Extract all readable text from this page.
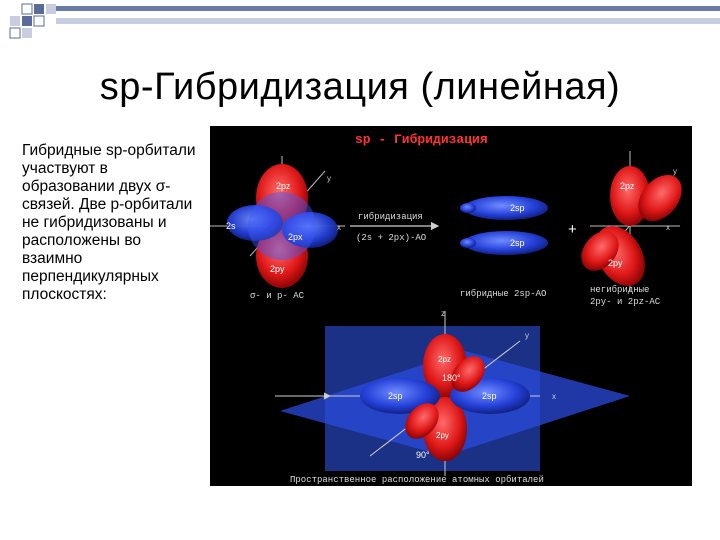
sp-Гибридизация (линейная)
Гибридные sp-орбитали участвуют в образовании двух σ-связей. Две p-орбитали не гибридизованы и расположены во взаимно перпендикулярных плоскостях:
sp - Гибридизация
2s
2px
2pz
2py
y
x
σ- и p- AC
гибридизация
(2s + 2px)-AO
2sp
2sp
+
гибридные 2sp-AO
2pz
2py
y
x
негибридные
2py- и 2pz-AC
2sp	2sp
2pz
2py
180°
90°
z
x
y
Пространственное расположение атомных орбиталей
